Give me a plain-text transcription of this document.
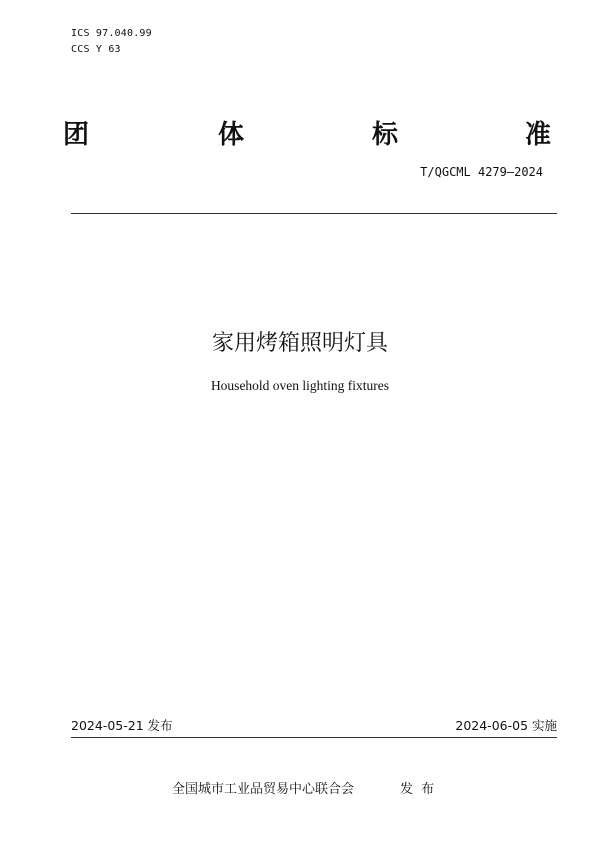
ICS 97.040.99
CCS Y 63
团	体	标	准
T/QGCML 4279—2024
家用烤箱照明灯具
Household oven lighting fixtures
2024-05-21 发布	2024-06-05 实施
全国城市工业品贸易中心联合会	发 布
